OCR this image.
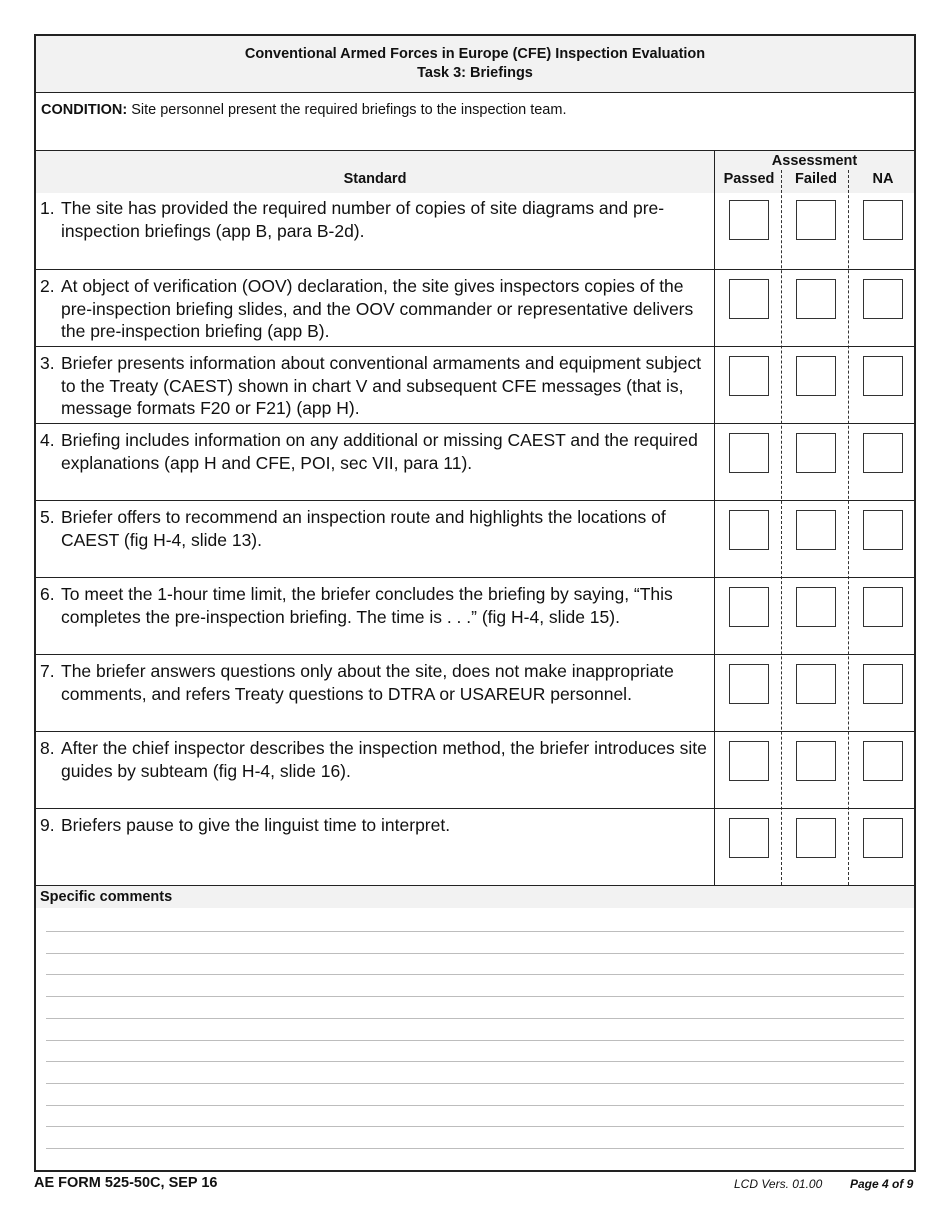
Conventional Armed Forces in Europe (CFE) Inspection Evaluation
Task 3: Briefings
CONDITION: Site personnel present the required briefings to the inspection team.
Standard
Assessment
Passed	Failed	NA
1. The site has provided the required number of copies of site diagrams and pre-inspection briefings (app B, para B-2d).
2. At object of verification (OOV) declaration, the site gives inspectors copies of the pre-inspection briefing slides, and the OOV commander or representative delivers the pre-inspection briefing (app B).
3. Briefer presents information about conventional armaments and equipment subject to the Treaty (CAEST) shown in chart V and subsequent CFE messages (that is, message formats F20 or F21) (app H).
4. Briefing includes information on any additional or missing CAEST and the required explanations (app H and CFE, POI, sec VII, para 11).
5. Briefer offers to recommend an inspection route and highlights the locations of CAEST (fig H-4, slide 13).
6. To meet the 1-hour time limit, the briefer concludes the briefing by saying, “This completes the pre-inspection briefing. The time is . . .” (fig H-4, slide 15).
7. The briefer answers questions only about the site, does not make inappropriate comments, and refers Treaty questions to DTRA or USAREUR personnel.
8. After the chief inspector describes the inspection method, the briefer introduces site guides by subteam (fig H-4, slide 16).
9. Briefers pause to give the linguist time to interpret.
Specific comments
AE FORM 525-50C, SEP 16	LCD Vers. 01.00 Page 4 of 9
